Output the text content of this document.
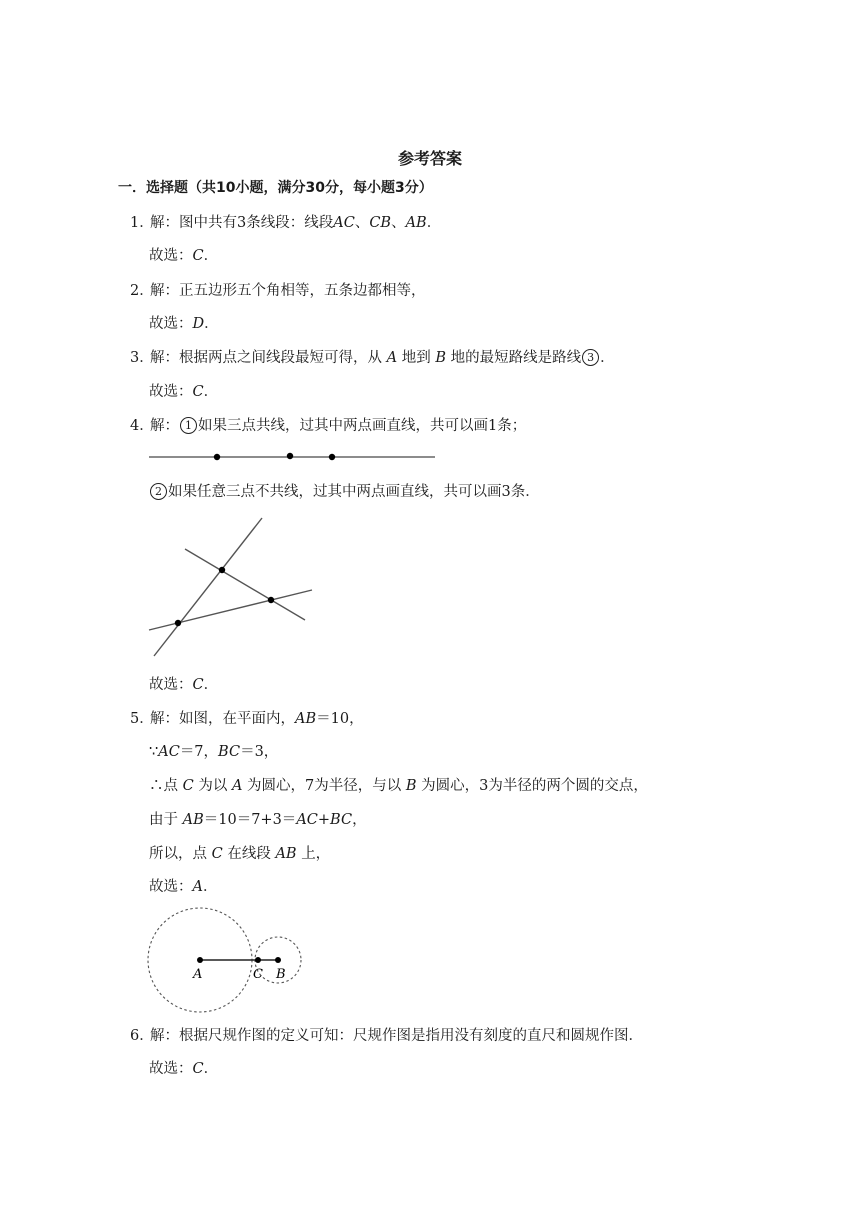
参考答案
一．选择题（共10小题，满分30分，每小题3分）
1．解：图中共有3条线段：线段AC、CB、AB．
故选：C．
2．解：正五边形五个角相等，五条边都相等，
故选：D．
3．解：根据两点之间线段最短可得，从 A 地到 B 地的最短路线是路线 3 ．
故选：C．
4．解： 1 如果三点共线，过其中两点画直线，共可以画1条；
2 如果任意三点不共线，过其中两点画直线，共可以画3条．
故选：C．
5．解：如图，在平面内，AB＝10，
∵AC＝7，BC＝3，
∴点 C 为以 A 为圆心，7为半径，与以 B 为圆心，3为半径的两个圆的交点，
由于 AB＝10＝7+3＝AC+BC，
所以，点 C 在线段 AB 上，
故选：A．
A	C B
6．解：根据尺规作图的定义可知：尺规作图是指用没有刻度的直尺和圆规作图．
故选：C．
